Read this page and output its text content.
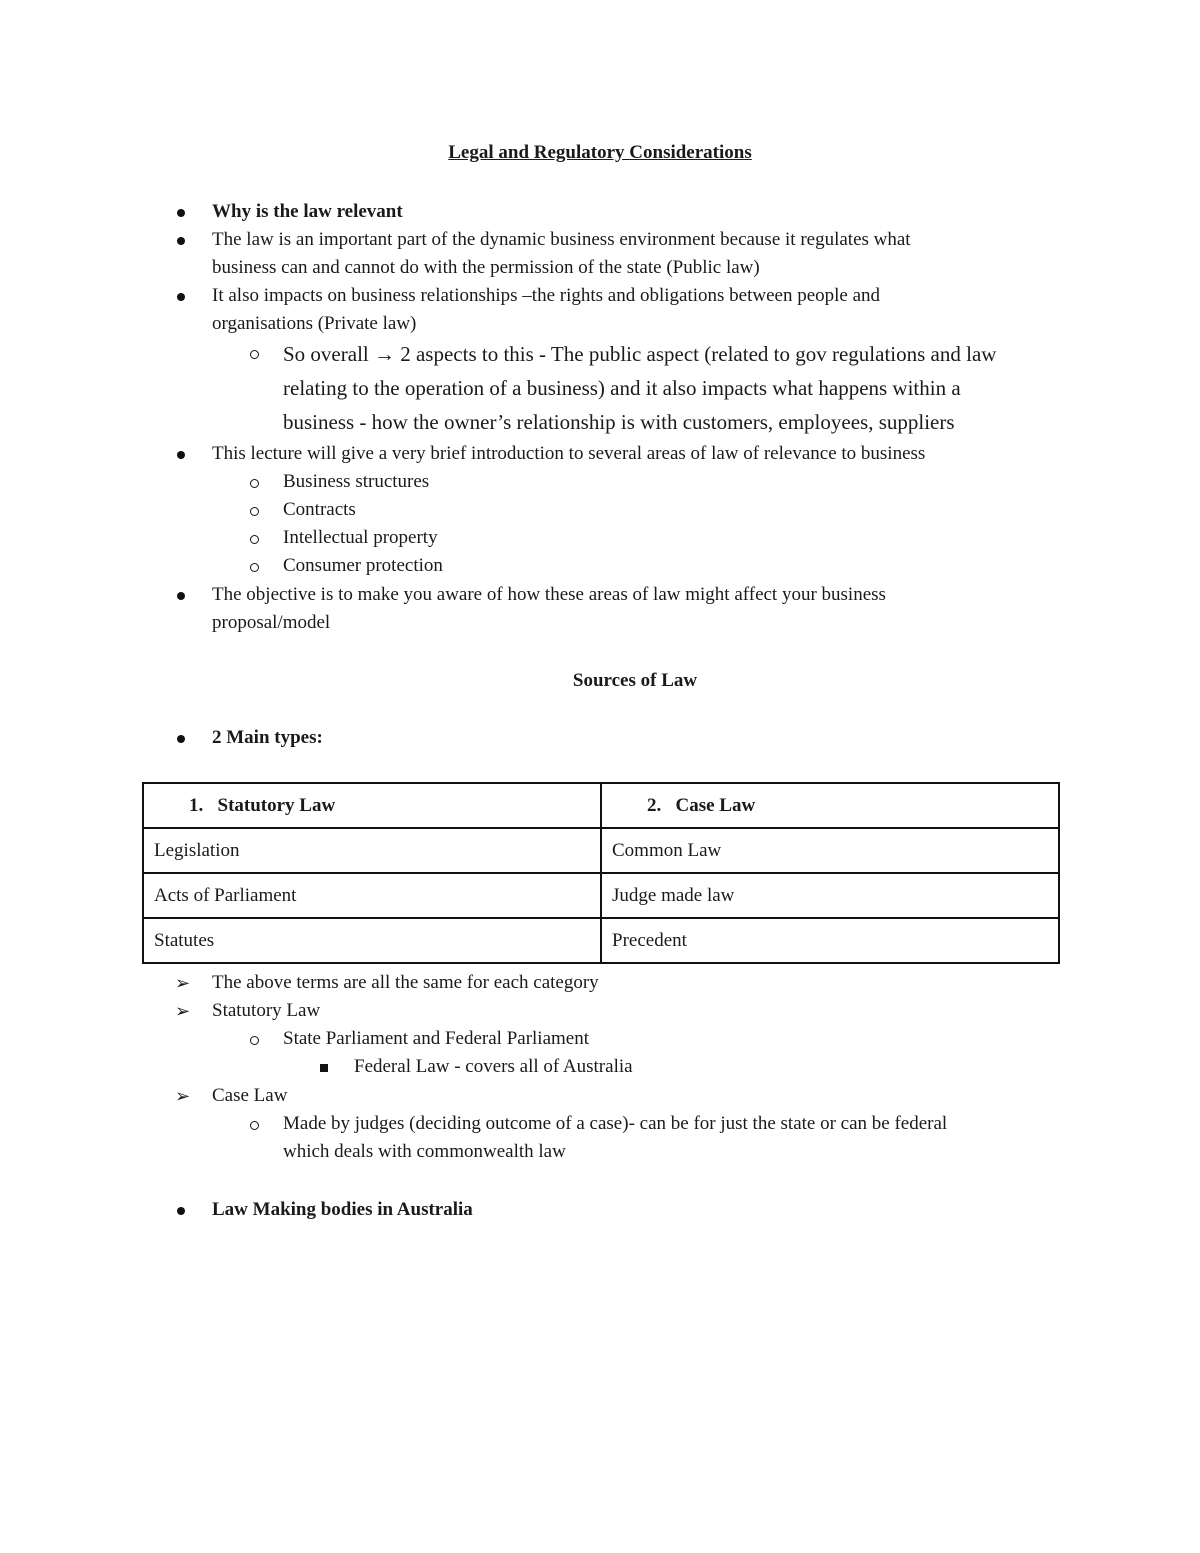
Legal and Regulatory Considerations
Why is the law relevant
The law is an important part of the dynamic business environment because it regulates what
business can and cannot do with the permission of the state (Public law)
It also impacts on business relationships –the rights and obligations between people and
organisations (Private law)
So overall → 2 aspects to this - The public aspect (related to gov regulations and law
relating to the operation of a business) and it also impacts what happens within a
business - how the owner’s relationship is with customers, employees, suppliers
This lecture will give a very brief introduction to several areas of law of relevance to business
Business structures
Contracts
Intellectual property
Consumer protection
The objective is to make you aware of how these areas of law might affect your business
proposal/model
Sources of Law
2 Main types:
1. Statutory Law	2. Case Law
Legislation	Common Law
Acts of Parliament	Judge made law
Statutes	Precedent
➢ The above terms are all the same for each category
➢ Statutory Law
State Parliament and Federal Parliament
Federal Law - covers all of Australia
➢ Case Law
Made by judges (deciding outcome of a case)- can be for just the state or can be federal
which deals with commonwealth law
Law Making bodies in Australia
